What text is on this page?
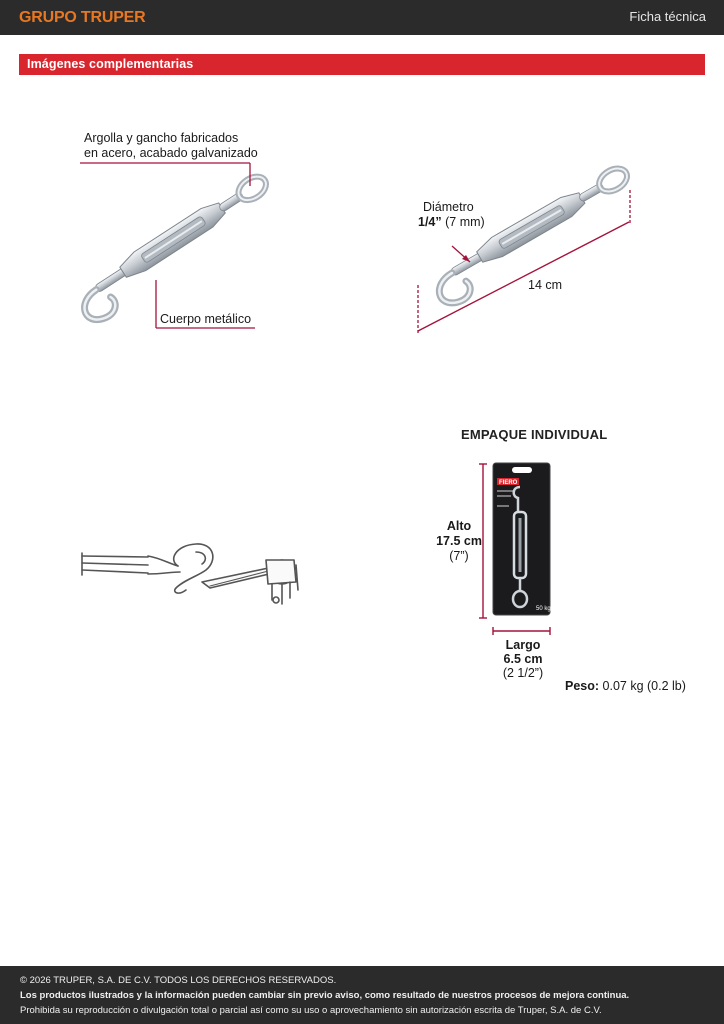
GRUPO TRUPER	Ficha técnica
Imágenes complementarias
FIERO
50 kg
Argolla y gancho fabricados
en acero, acabado galvanizado
Cuerpo metálico
Diámetro
1/4” (7 mm)
14 cm
EMPAQUE INDIVIDUAL
Alto
17.5 cm
(7”)
Largo
6.5 cm
(2 1/2”)
Peso: 0.07 kg (0.2 lb)

© 2026 TRUPER, S.A. DE C.V. TODOS LOS DERECHOS RESERVADOS.

Los productos ilustrados y la información pueden cambiar sin previo aviso, como resultado de nuestros procesos de mejora continua.

Prohibida su reproducción o divulgación total o parcial así como su uso o aprovechamiento sin autorización escrita de Truper, S.A. de C.V.
